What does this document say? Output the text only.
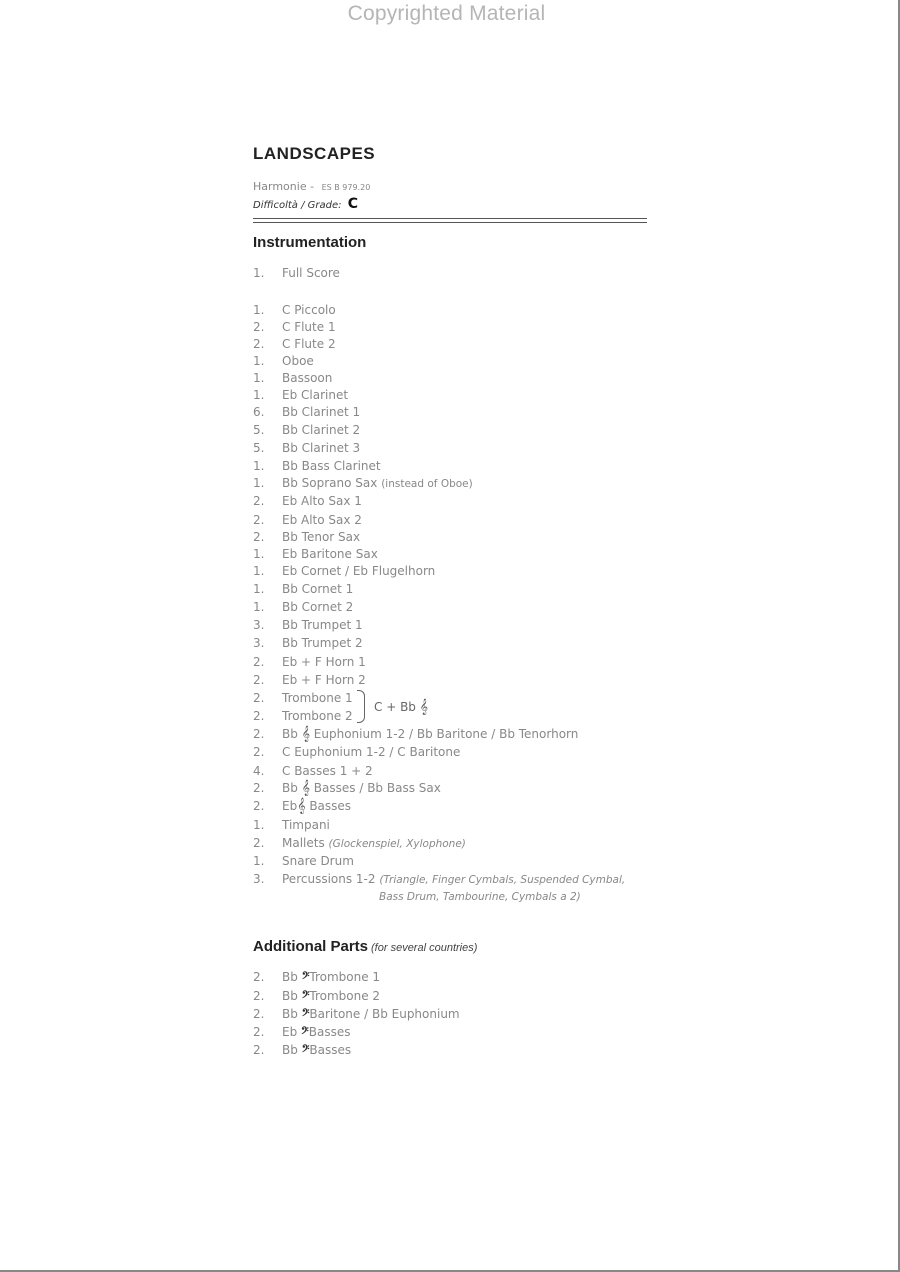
Copyrighted Material
LANDSCAPES
Harmonie - ES B 979.20
Difficoltà / Grade: C
Instrumentation
1. Full Score
1. C Piccolo
2. C Flute 1
2. C Flute 2
1. Oboe
1. Bassoon
1. Eb Clarinet
6. Bb Clarinet 1
5. Bb Clarinet 2
5. Bb Clarinet 3
1. Bb Bass Clarinet
1. Bb Soprano Sax (instead of Oboe)
2. Eb Alto Sax 1
2. Eb Alto Sax 2
2. Bb Tenor Sax
1. Eb Baritone Sax
1. Eb Cornet / Eb Flugelhorn
1. Bb Cornet 1
1. Bb Cornet 2
3. Bb Trumpet 1
3. Bb Trumpet 2
2. Eb + F Horn 1
2. Eb + F Horn 2
2. Trombone 1
2. Trombone 2
C + Bb 𝄞
2. Bb 𝄞 Euphonium 1-2 / Bb Baritone / Bb Tenorhorn
2. C Euphonium 1-2 / C Baritone
4. C Basses 1 + 2
2. Bb 𝄞 Basses / Bb Bass Sax
2. Eb𝄞 Basses
1. Timpani
2. Mallets (Glockenspiel, Xylophone)
1. Snare Drum
3. Percussions 1-2 (Triangle, Finger Cymbals, Suspended Cymbal,
Bass Drum, Tambourine, Cymbals a 2)
Additional Parts (for several countries)
2. Bb 𝄢Trombone 1
2. Bb 𝄢Trombone 2
2. Bb 𝄢Baritone / Bb Euphonium
2. Eb 𝄢Basses
2. Bb 𝄢Basses
